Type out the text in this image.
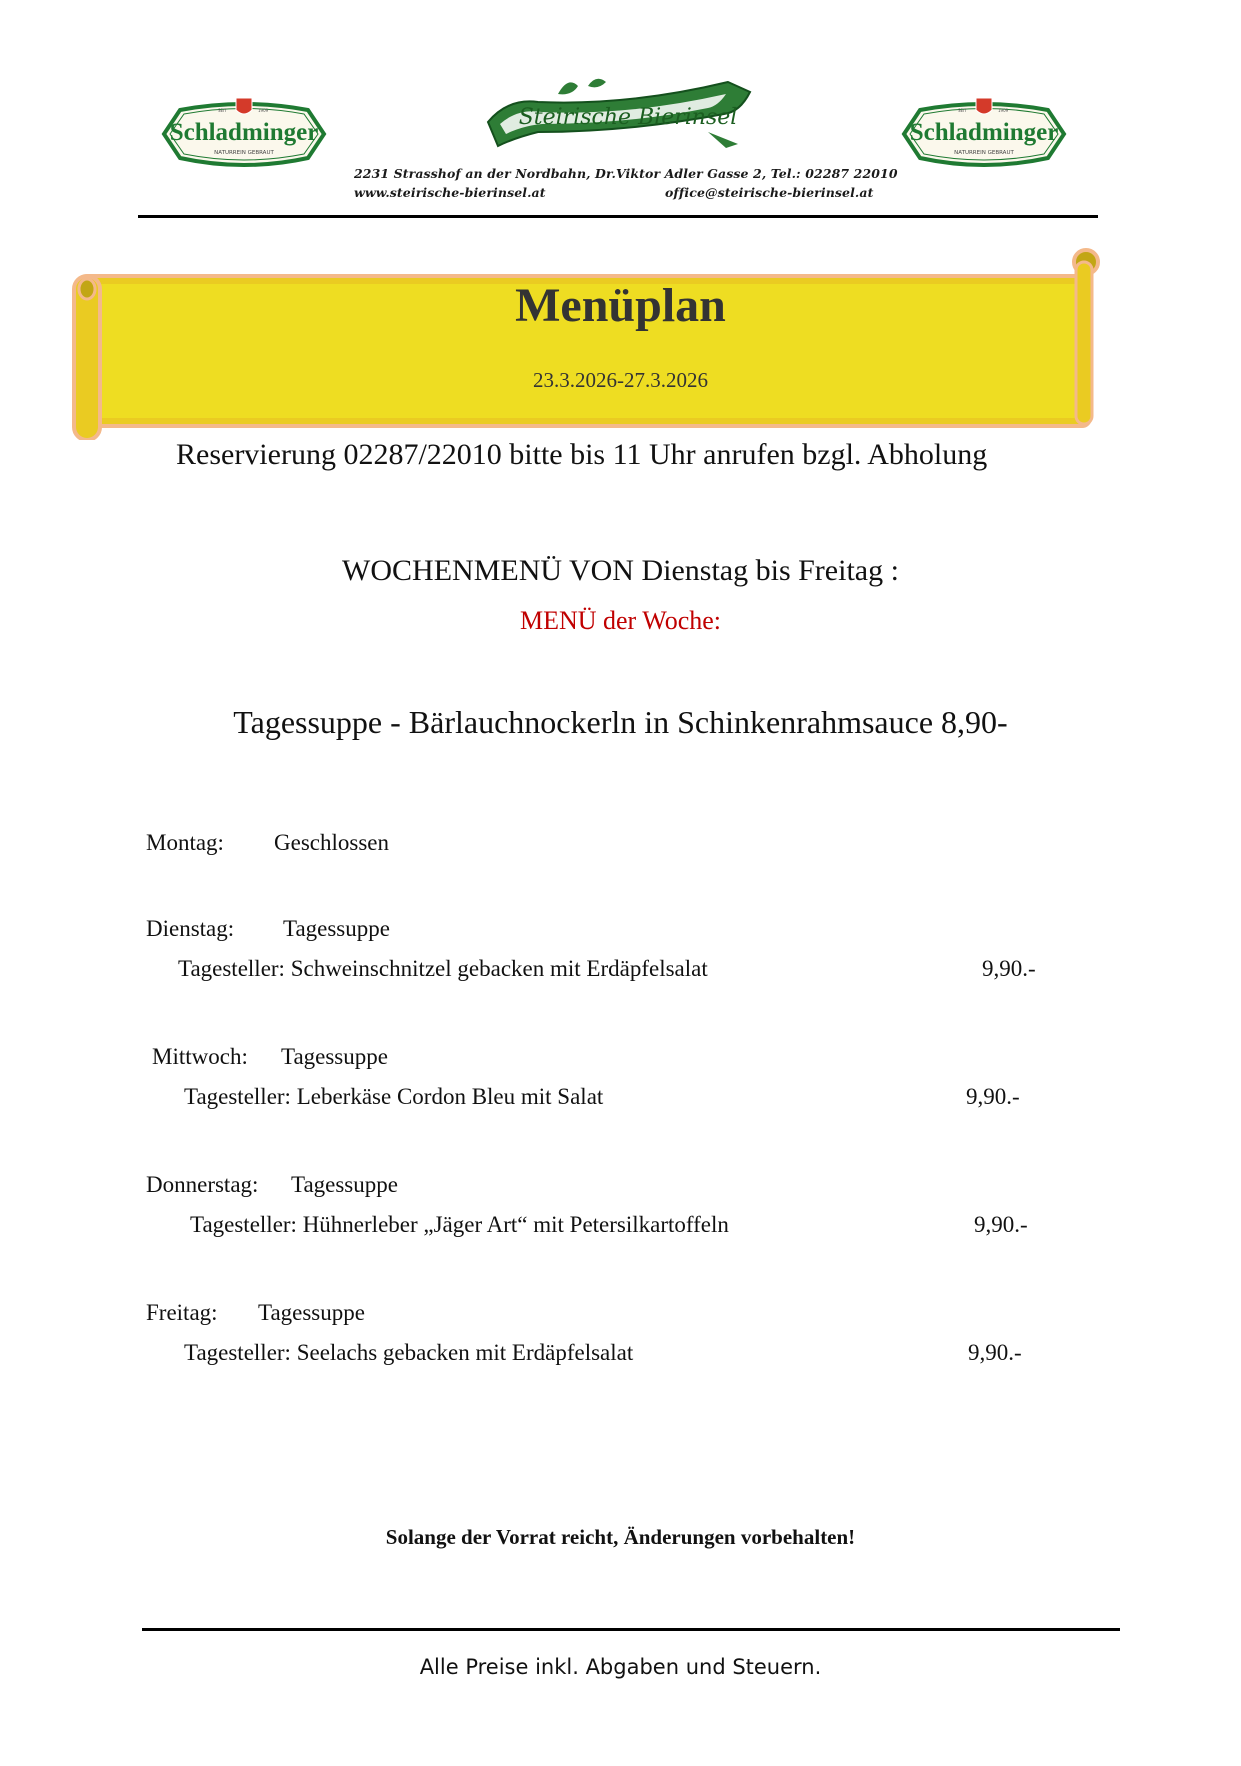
SEIT	1909
Schladminger
NATURREIN GEBRAUT
Steirische Bierinsel	SEIT	1909
Schladminger
NATURREIN GEBRAUT
2231 Strasshof an der Nordbahn, Dr.Viktor Adler Gasse 2, Tel.: 02287 22010
www.steirische-bierinsel.at	office@steirische-bierinsel.at
Menüplan
23.3.2026-27.3.2026
Reservierung 02287/22010 bitte bis 11 Uhr anrufen bzgl. Abholung
WOCHENMENÜ VON Dienstag bis Freitag :
MENÜ der Woche:
Tagessuppe - Bärlauchnockerln in Schinkenrahmsauce 8,90-
Montag: Geschlossen
Dienstag: Tagessuppe
Tagesteller: Schweinschnitzel gebacken mit Erdäpfelsalat	9,90.-
Mittwoch: Tagessuppe
Tagesteller: Leberkäse Cordon Bleu mit Salat	9,90.-
Donnerstag: Tagessuppe
Tagesteller: Hühnerleber „Jäger Art“ mit Petersilkartoffeln	9,90.-
Freitag: Tagessuppe
Tagesteller: Seelachs gebacken mit Erdäpfelsalat	9,90.-
Solange der Vorrat reicht, Änderungen vorbehalten!
Alle Preise inkl. Abgaben und Steuern.
